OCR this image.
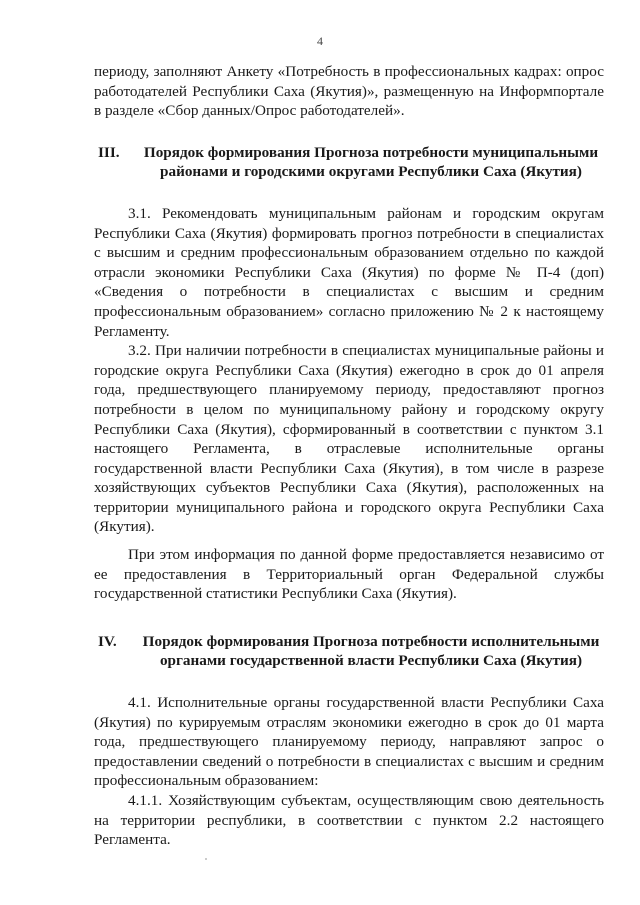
4

периоду, заполняют Анкету «Потребность в профессиональных кадрах: опрос работодателей Республики Саха (Якутия)», размещенную на Информпортале в разделе «Сбор данных/Опрос работодателей».

III.	Порядок формирования Прогноза потребности муниципальными районами и городскими округами Республики Саха (Якутия)

3.1. Рекомендовать муниципальным районам и городским округам Республики Саха (Якутия) формировать прогноз потребности в специалистах с высшим и средним профессиональным образованием отдельно по каждой отрасли экономики Республики Саха (Якутия) по форме № П-4 (доп) «Сведения о потребности в специалистах с высшим и средним профессиональным образованием» согласно приложению № 2 к настоящему Регламенту.

3.2. При наличии потребности в специалистах муниципальные районы и городские округа Республики Саха (Якутия) ежегодно в срок до 01 апреля года, предшествующего планируемому периоду, предоставляют прогноз потребности в целом по муниципальному району и городскому округу Республики Саха (Якутия), сформированный в соответствии с пунктом 3.1 настоящего Регламента, в отраслевые исполнительные органы государственной власти Республики Саха (Якутия), в том числе в разрезе хозяйствующих субъектов Республики Саха (Якутия), расположенных на территории муниципального района и городского округа Республики Саха (Якутия).

При этом информация по данной форме предоставляется независимо от ее предоставления в Территориальный орган Федеральной службы государственной статистики Республики Саха (Якутия).

IV.	Порядок формирования Прогноза потребности исполнительными органами государственной власти Республики Саха (Якутия)

4.1. Исполнительные органы государственной власти Республики Саха (Якутия) по курируемым отраслям экономики ежегодно в срок до 01 марта года, предшествующего планируемому периоду, направляют запрос о предоставлении сведений о потребности в специалистах с высшим и средним профессиональным образованием:

4.1.1. Хозяйствующим субъектам, осуществляющим свою деятельность на территории республики, в соответствии с пунктом 2.2 настоящего Регламента.
